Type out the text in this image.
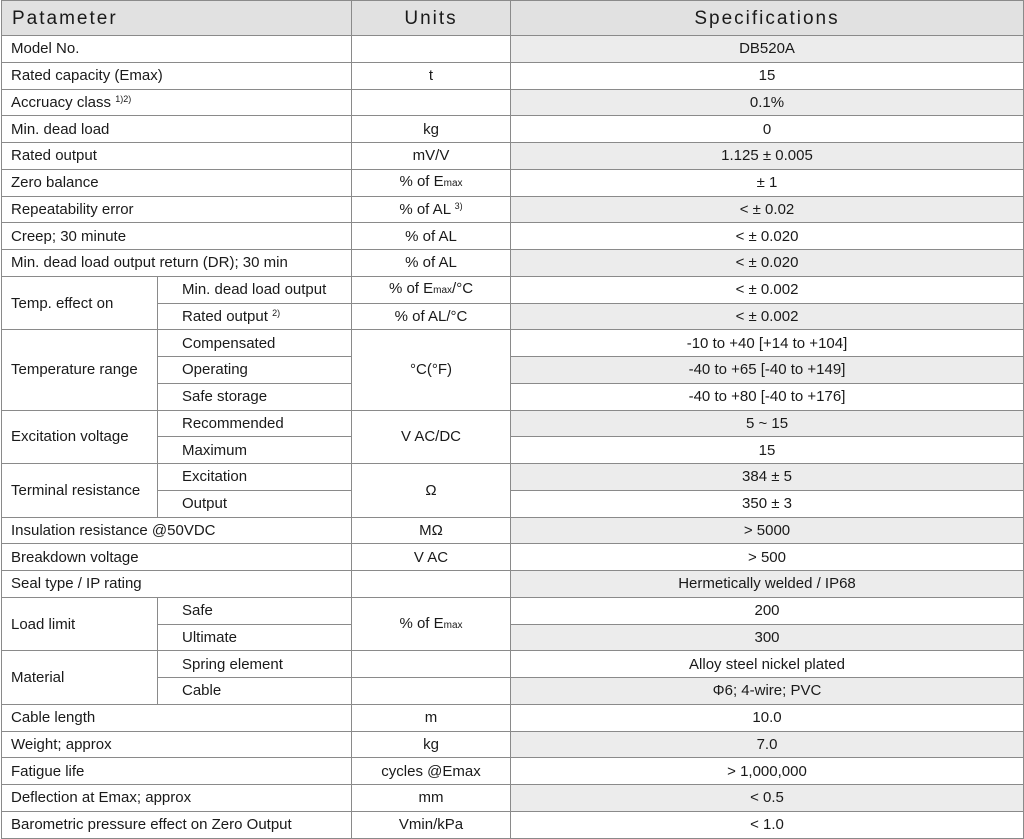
Patameter		Units	Specifications
Model No.			DB520A
Rated capacity (Emax)		t	15
Accruacy class $^{1)2)}$			0.1%
Min. dead load		kg	0
Rated output		mV/V	1.125 ± 0.005
Zero balance		% of Emax	± 1
Repeatability error		% of AL $^{3)}$	< ± 0.02
Creep; 30 minute		% of AL	< ± 0.020
Min. dead load output return (DR); 30 min		% of AL	< ± 0.020
Temp. effect on	Min. dead load output	% of Emax/°C	< ± 0.002
	Rated output $^{2)}$	% of AL/°C	< ± 0.002
Temperature range	Compensated	°C(°F)	-10 to +40 [+14 to +104]
	Operating		-40 to +65 [-40 to +149]
	Safe storage		-40 to +80 [-40 to +176]
Excitation voltage	Recommended	V AC/DC	5 ~ 15
	Maximum		15
Terminal resistance	Excitation	Ω	384 ± 5
	Output		350 ± 3
Insulation resistance @50VDC		MΩ	> 5000
Breakdown voltage		V AC	> 500
Seal type / IP rating			Hermetically welded / IP68
Load limit	Safe	% of Emax	200
	Ultimate		300
Material	Spring element		Alloy steel nickel plated
	Cable		Φ6; 4-wire; PVC
Cable length		m	10.0
Weight; approx		kg	7.0
Fatigue life		cycles @Emax	> 1,000,000
Deflection at Emax; approx		mm	< 0.5
Barometric pressure effect on Zero Output		Vmin/kPa	< 1.0
